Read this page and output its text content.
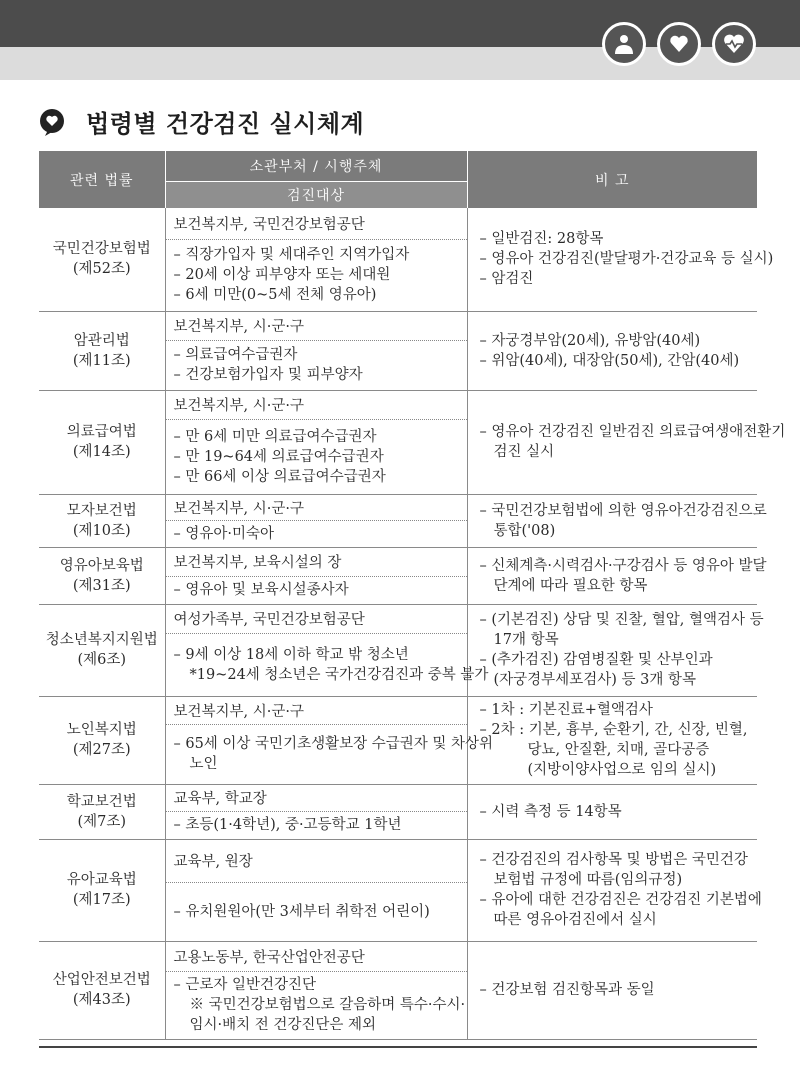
법령별 건강검진 실시체계
관련 법률	소관부처 / 시행주체	비 고
	검진대상	

국민건강보험법
(제52조)	보건복지부, 국민건강보험공단	– 일반검진: 28항목
– 영유아 건강검진(발달평가·건강교육 등 실시)
– 암검진

	– 직장가입자 및 세대주인 지역가입자
– 20세 이상 피부양자 또는 세대원
– 6세 미만(0~5세 전체 영유아)	

암관리법
(제11조)	보건복지부, 시·군·구	– 자궁경부암(20세), 유방암(40세)
– 위암(40세), 대장암(50세), 간암(40세)

	– 의료급여수급권자
– 건강보험가입자 및 피부양자	

의료급여법
(제14조)	보건복지부, 시·군·구	– 영유아 건강검진 일반검진 의료급여생애전환기
검진 실시

	– 만 6세 미만 의료급여수급권자
– 만 19~64세 의료급여수급권자
– 만 66세 이상 의료급여수급권자	

모자보건법
(제10조)	보건복지부, 시·군·구	– 국민건강보험법에 의한 영유아건강검진으로
통합('08)

	– 영유아·미숙아	

영유아보육법
(제31조)	보건복지부, 보육시설의 장	– 신체계측·시력검사·구강검사 등 영유아 발달
단계에 따라 필요한 항목

	– 영유아 및 보육시설종사자	

청소년복지지원법
(제6조)	여성가족부, 국민건강보험공단	– (기본검진) 상담 및 진찰, 혈압, 혈액검사 등
17개 항목
– (추가검진) 감염병질환 및 산부인과
(자궁경부세포검사) 등 3개 항목

	– 9세 이상 18세 이하 학교 밖 청소년
*19~24세 청소년은 국가건강검진과 중복 불가	

노인복지법
(제27조)	보건복지부, 시·군·구	– 1차 : 기본진료+혈액검사
– 2차 : 기본, 흉부, 순환기, 간, 신장, 빈혈,
당뇨, 안질환, 치매, 골다공증
(지방이양사업으로 임의 실시)

	– 65세 이상 국민기초생활보장 수급권자 및 차상위
노인	

학교보건법
(제7조)	교육부, 학교장	– 시력 측정 등 14항목

	– 초등(1·4학년), 중·고등학교 1학년	

유아교육법
(제17조)	교육부, 원장	– 건강검진의 검사항목 및 방법은 국민건강
보험법 규정에 따름(임의규정)
– 유아에 대한 건강검진은 건강검진 기본법에
따른 영유아검진에서 실시

	– 유치원원아(만 3세부터 취학전 어린이)	

산업안전보건법
(제43조)	고용노동부, 한국산업안전공단	– 건강보험 검진항목과 동일

	– 근로자 일반건강진단
※ 국민건강보험법으로 갈음하며 특수·수시·
임시·배치 전 건강진단은 제외	
